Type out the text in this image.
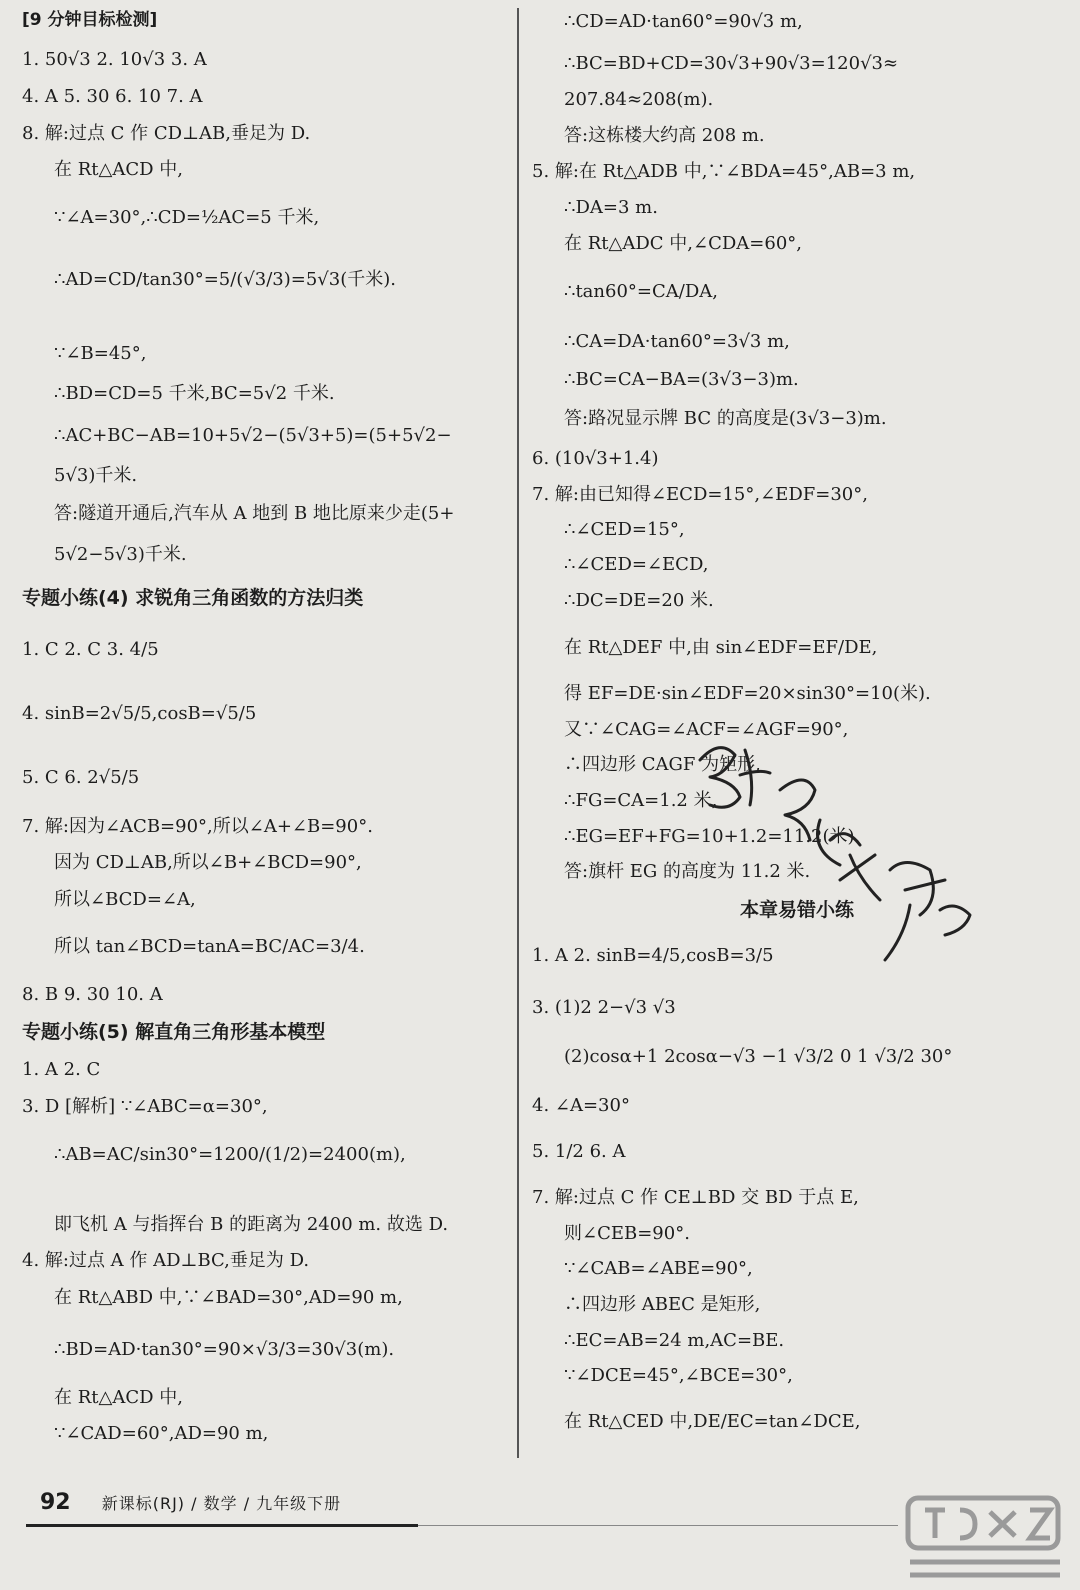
[9 分钟目标检测]
1. 50√3 2. 10√3 3. A
4. A 5. 30 6. 10 7. A
8. 解:过点 C 作 CD⊥AB,垂足为 D.
在 Rt△ACD 中,
∵∠A=30°,∴CD=½AC=5 千米,
∴AD=CD/tan30°=5/(√3/3)=5√3(千米).
∵∠B=45°,
∴BD=CD=5 千米,BC=5√2 千米.
∴AC+BC−AB=10+5√2−(5√3+5)=(5+5√2−
5√3)千米.
答:隧道开通后,汽车从 A 地到 B 地比原来少走(5+
5√2−5√3)千米.
专题小练(4) 求锐角三角函数的方法归类
1. C 2. C 3. 4/5
4. sinB=2√5/5,cosB=√5/5
5. C 6. 2√5/5
7. 解:因为∠ACB=90°,所以∠A+∠B=90°.
因为 CD⊥AB,所以∠B+∠BCD=90°,
所以∠BCD=∠A,
所以 tan∠BCD=tanA=BC/AC=3/4.
8. B 9. 30 10. A
专题小练(5) 解直角三角形基本模型
1. A 2. C
3. D [解析] ∵∠ABC=α=30°,
∴AB=AC/sin30°=1200/(1/2)=2400(m),
即飞机 A 与指挥台 B 的距离为 2400 m. 故选 D.
4. 解:过点 A 作 AD⊥BC,垂足为 D.
在 Rt△ABD 中,∵∠BAD=30°,AD=90 m,
∴BD=AD·tan30°=90×√3/3=30√3(m).
在 Rt△ACD 中,
∵∠CAD=60°,AD=90 m,
∴CD=AD·tan60°=90√3 m,
∴BC=BD+CD=30√3+90√3=120√3≈
207.84≈208(m).
答:这栋楼大约高 208 m.
5. 解:在 Rt△ADB 中,∵∠BDA=45°,AB=3 m,
∴DA=3 m.
在 Rt△ADC 中,∠CDA=60°,
∴tan60°=CA/DA,
∴CA=DA·tan60°=3√3 m,
∴BC=CA−BA=(3√3−3)m.
答:路况显示牌 BC 的高度是(3√3−3)m.
6. (10√3+1.4)
7. 解:由已知得∠ECD=15°,∠EDF=30°,
∴∠CED=15°,
∴∠CED=∠ECD,
∴DC=DE=20 米.
在 Rt△DEF 中,由 sin∠EDF=EF/DE,
得 EF=DE·sin∠EDF=20×sin30°=10(米).
又∵∠CAG=∠ACF=∠AGF=90°,
∴四边形 CAGF 为矩形,
∴FG=CA=1.2 米,
∴EG=EF+FG=10+1.2=11.2(米).
答:旗杆 EG 的高度为 11.2 米.
本章易错小练
1. A 2. sinB=4/5,cosB=3/5
3. (1)2 2−√3 √3
(2)cosα+1 2cosα−√3 −1 √3/2 0 1 √3/2 30°
4. ∠A=30°
5. 1/2 6. A
7. 解:过点 C 作 CE⊥BD 交 BD 于点 E,
则∠CEB=90°.
∵∠CAB=∠ABE=90°,
∴四边形 ABEC 是矩形,
∴EC=AB=24 m,AC=BE.
∵∠DCE=45°,∠BCE=30°,
在 Rt△CED 中,DE/EC=tan∠DCE,
92 新课标(RJ) / 数学 / 九年级下册
